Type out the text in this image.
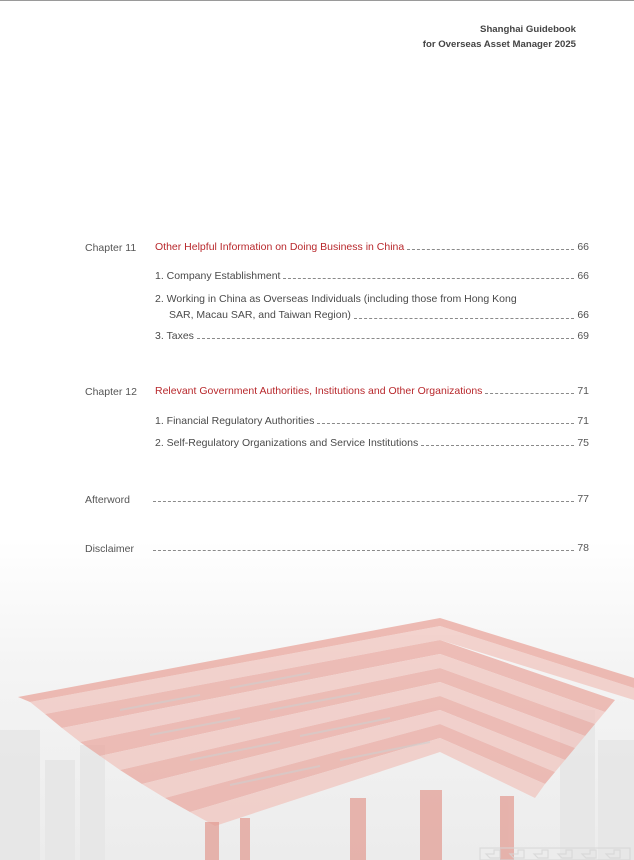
Shanghai Guidebook
for Overseas Asset Manager 2025
Chapter 11 Other Helpful Information on Doing Business in China	66
1. Company Establishment	66
2. Working in China as Overseas Individuals (including those from Hong Kong
SAR, Macau SAR, and Taiwan Region)	66
3. Taxes	69
Chapter 12 Relevant Government Authorities, Institutions and Other Organizations	71
1. Financial Regulatory Authorities	71
2. Self-Regulatory Organizations and Service Institutions	75
Afterword	77
Disclaimer	78
